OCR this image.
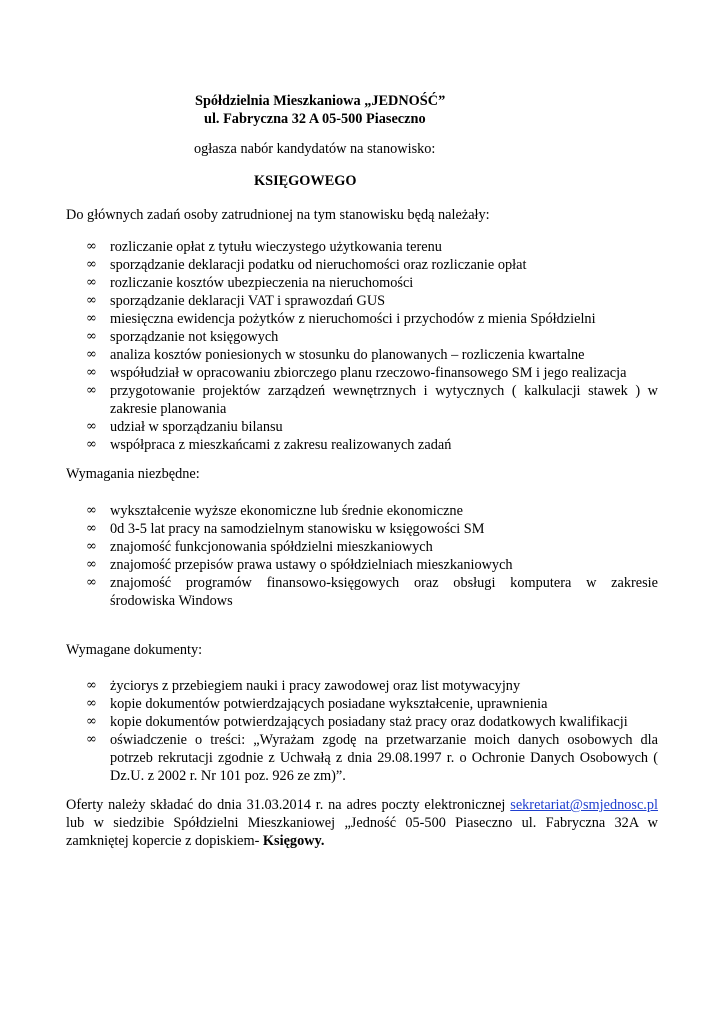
Spółdzielnia Mieszkaniowa „JEDNOŚĆ”
ul. Fabryczna 32 A 05-500 Piaseczno
ogłasza nabór kandydatów na stanowisko:
KSIĘGOWEGO
Do głównych zadań osoby zatrudnionej na tym stanowisku będą należały:
∞ rozliczanie opłat z tytułu wieczystego użytkowania terenu
∞ sporządzanie deklaracji podatku od nieruchomości oraz rozliczanie opłat
∞ rozliczanie kosztów ubezpieczenia na nieruchomości
∞ sporządzanie deklaracji VAT i sprawozdań GUS
∞ miesięczna ewidencja pożytków z nieruchomości i przychodów z mienia Spółdzielni
∞ sporządzanie not księgowych
∞ analiza kosztów poniesionych w stosunku do planowanych – rozliczenia kwartalne
∞ współudział w opracowaniu zbiorczego planu rzeczowo-finansowego SM i jego realizacja
∞ przygotowanie projektów zarządzeń wewnętrznych i wytycznych ( kalkulacji stawek ) w
zakresie planowania
∞ udział w sporządzaniu bilansu
∞ współpraca z mieszkańcami z zakresu realizowanych zadań
Wymagania niezbędne:
∞ wykształcenie wyższe ekonomiczne lub średnie ekonomiczne
∞ 0d 3-5 lat pracy na samodzielnym stanowisku w księgowości SM
∞ znajomość funkcjonowania spółdzielni mieszkaniowych
∞ znajomość przepisów prawa ustawy o spółdzielniach mieszkaniowych
∞ znajomość programów finansowo-księgowych oraz obsługi komputera w zakresie
środowiska Windows
Wymagane dokumenty:
∞ życiorys z przebiegiem nauki i pracy zawodowej oraz list motywacyjny
∞ kopie dokumentów potwierdzających posiadane wykształcenie, uprawnienia
∞ kopie dokumentów potwierdzających posiadany staż pracy oraz dodatkowych kwalifikacji
∞ oświadczenie o treści: „Wyrażam zgodę na przetwarzanie moich danych osobowych dla
potrzeb rekrutacji zgodnie z Uchwałą z dnia 29.08.1997 r. o Ochronie Danych Osobowych (
Dz.U. z 2002 r. Nr 101 poz. 926 ze zm)”.
Oferty należy składać do dnia 31.03.2014 r. na adres poczty elektronicznej sekretariat@smjednosc.pl
lub w siedzibie Spółdzielni Mieszkaniowej „Jedność 05-500 Piaseczno ul. Fabryczna 32A w
zamkniętej kopercie z dopiskiem- Księgowy.
